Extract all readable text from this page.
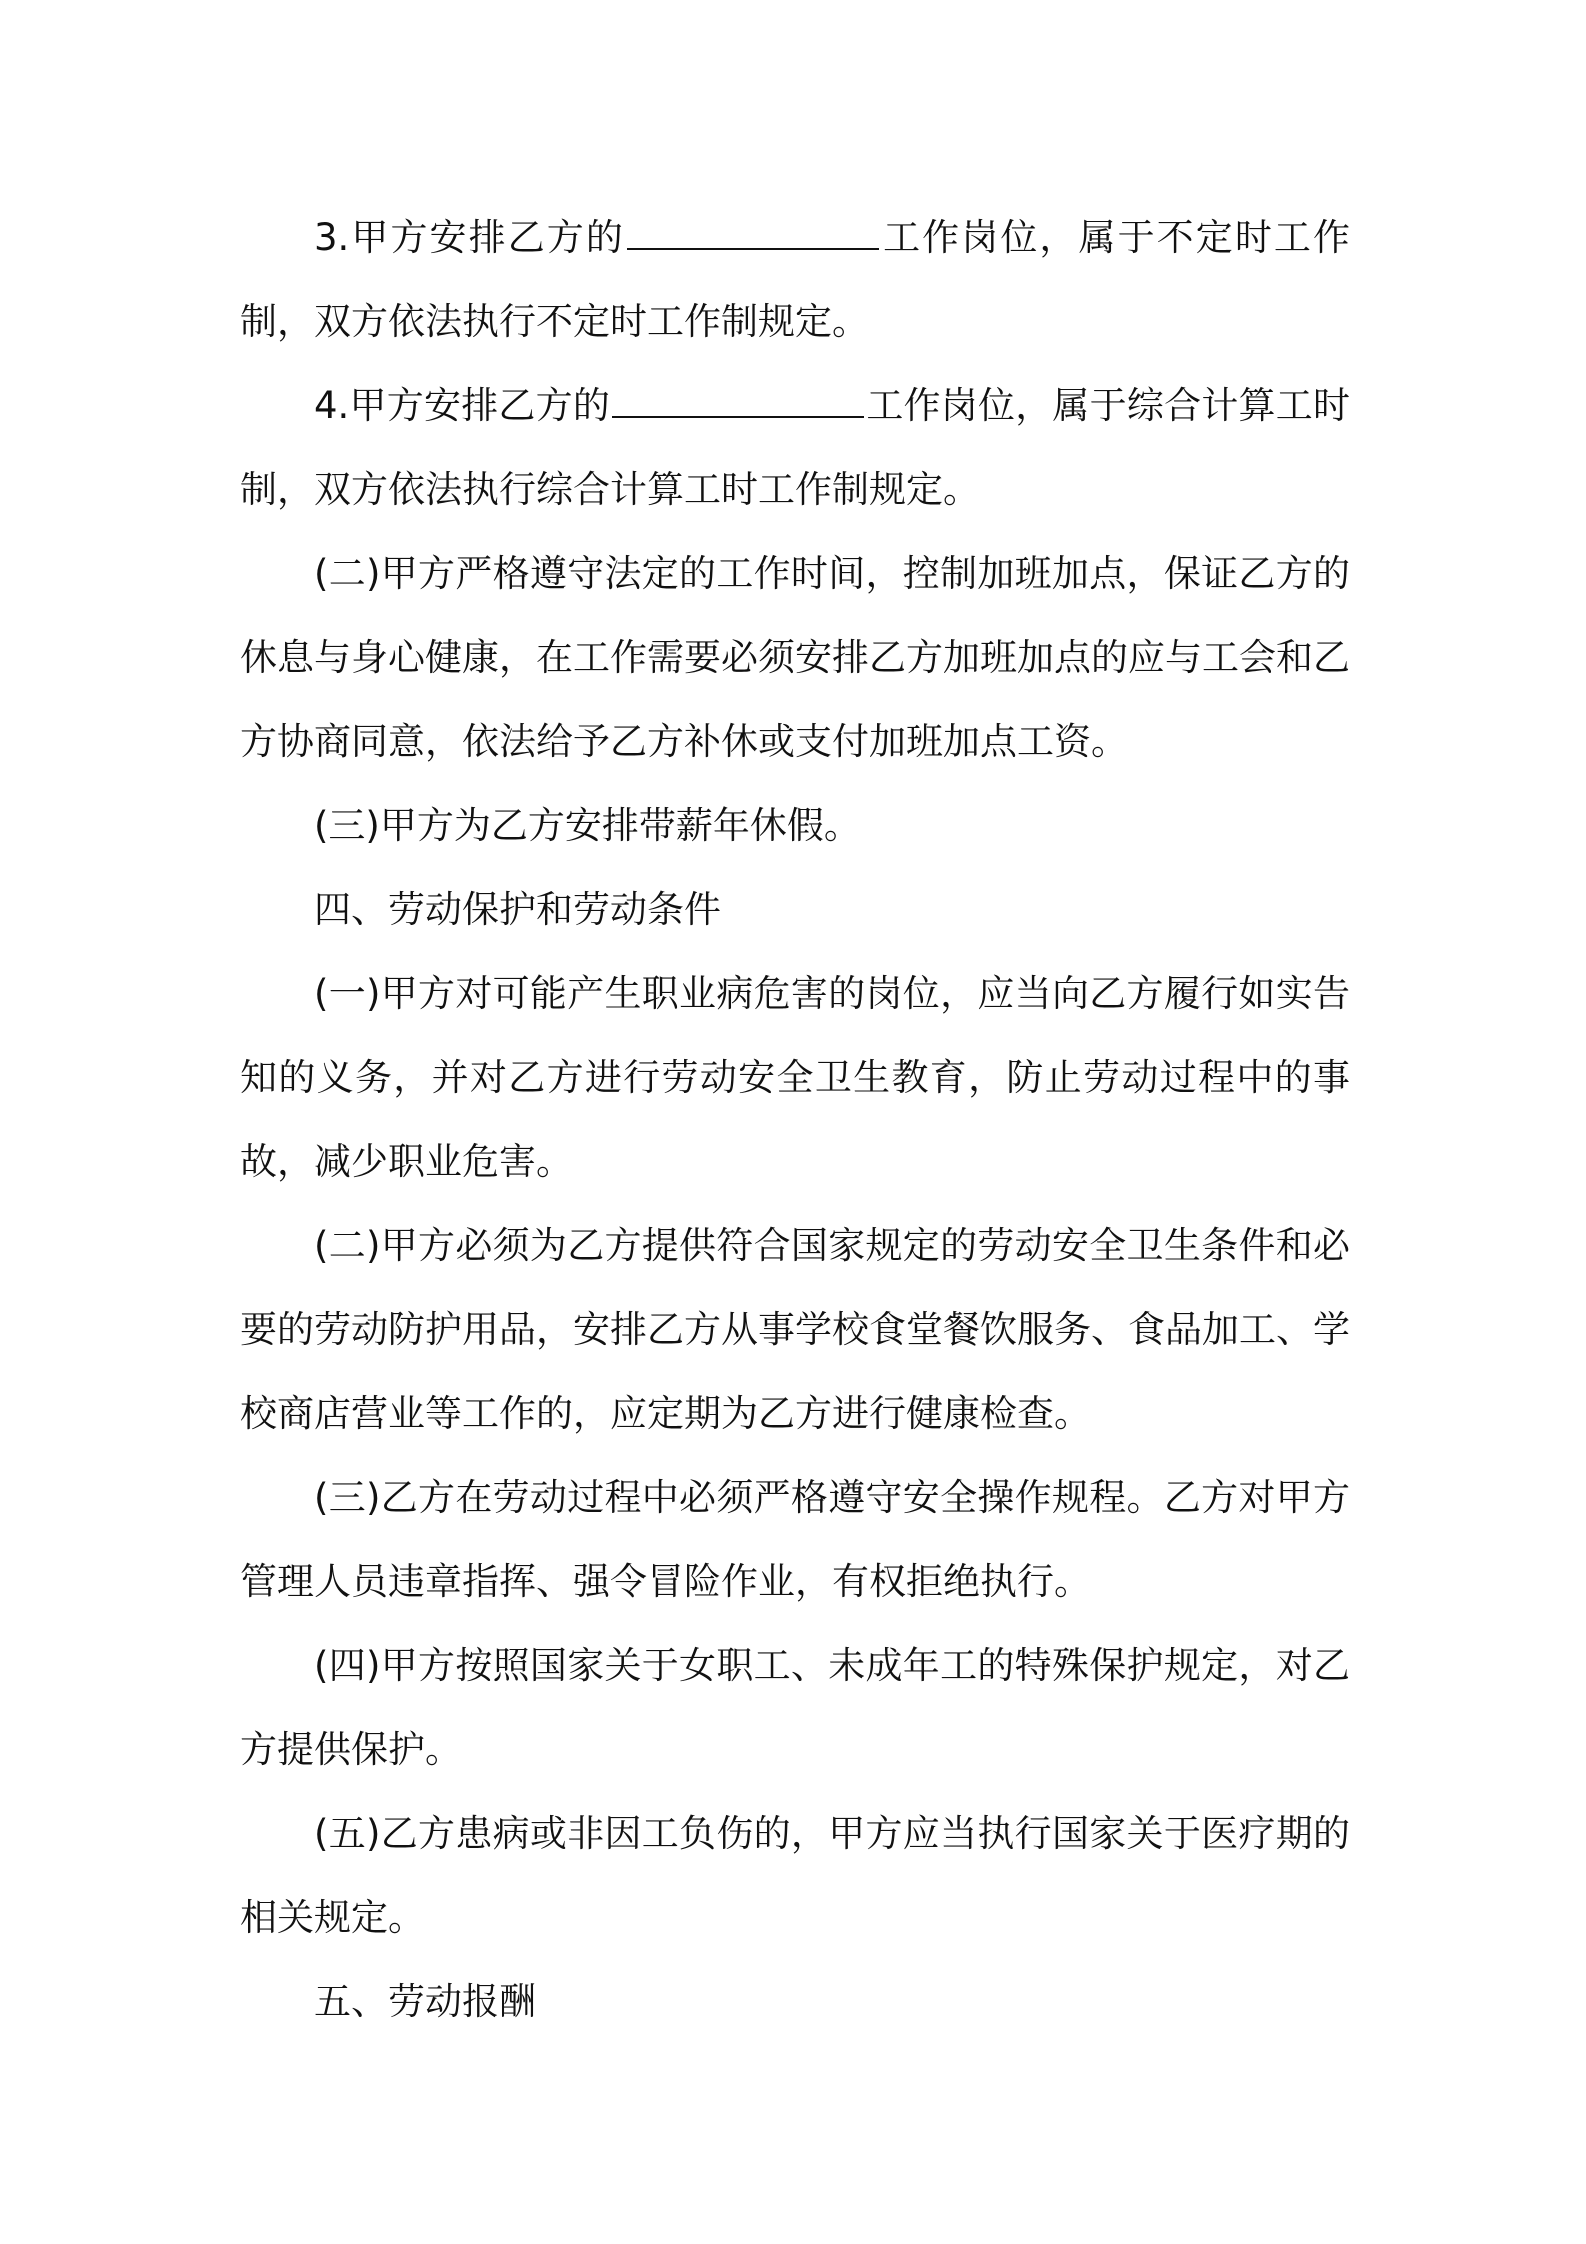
3.甲方安排乙方的	工作岗位，属于不定时工作制，双方依法执行不定时工作制规定。

4.甲方安排乙方的	工作岗位，属于综合计算工时制，双方依法执行综合计算工时工作制规定。

(二)甲方严格遵守法定的工作时间，控制加班加点，保证乙方的休息与身心健康，在工作需要必须安排乙方加班加点的应与工会和乙方协商同意，依法给予乙方补休或支付加班加点工资。

(三)甲方为乙方安排带薪年休假。

四、劳动保护和劳动条件

(一)甲方对可能产生职业病危害的岗位，应当向乙方履行如实告知的义务，并对乙方进行劳动安全卫生教育，防止劳动过程中的事故，减少职业危害。

(二)甲方必须为乙方提供符合国家规定的劳动安全卫生条件和必要的劳动防护用品，安排乙方从事学校食堂餐饮服务、食品加工、学校商店营业等工作的，应定期为乙方进行健康检查。

(三)乙方在劳动过程中必须严格遵守安全操作规程。乙方对甲方管理人员违章指挥、强令冒险作业，有权拒绝执行。

(四)甲方按照国家关于女职工、未成年工的特殊保护规定，对乙方提供保护。

(五)乙方患病或非因工负伤的，甲方应当执行国家关于医疗期的相关规定。

五、劳动报酬
